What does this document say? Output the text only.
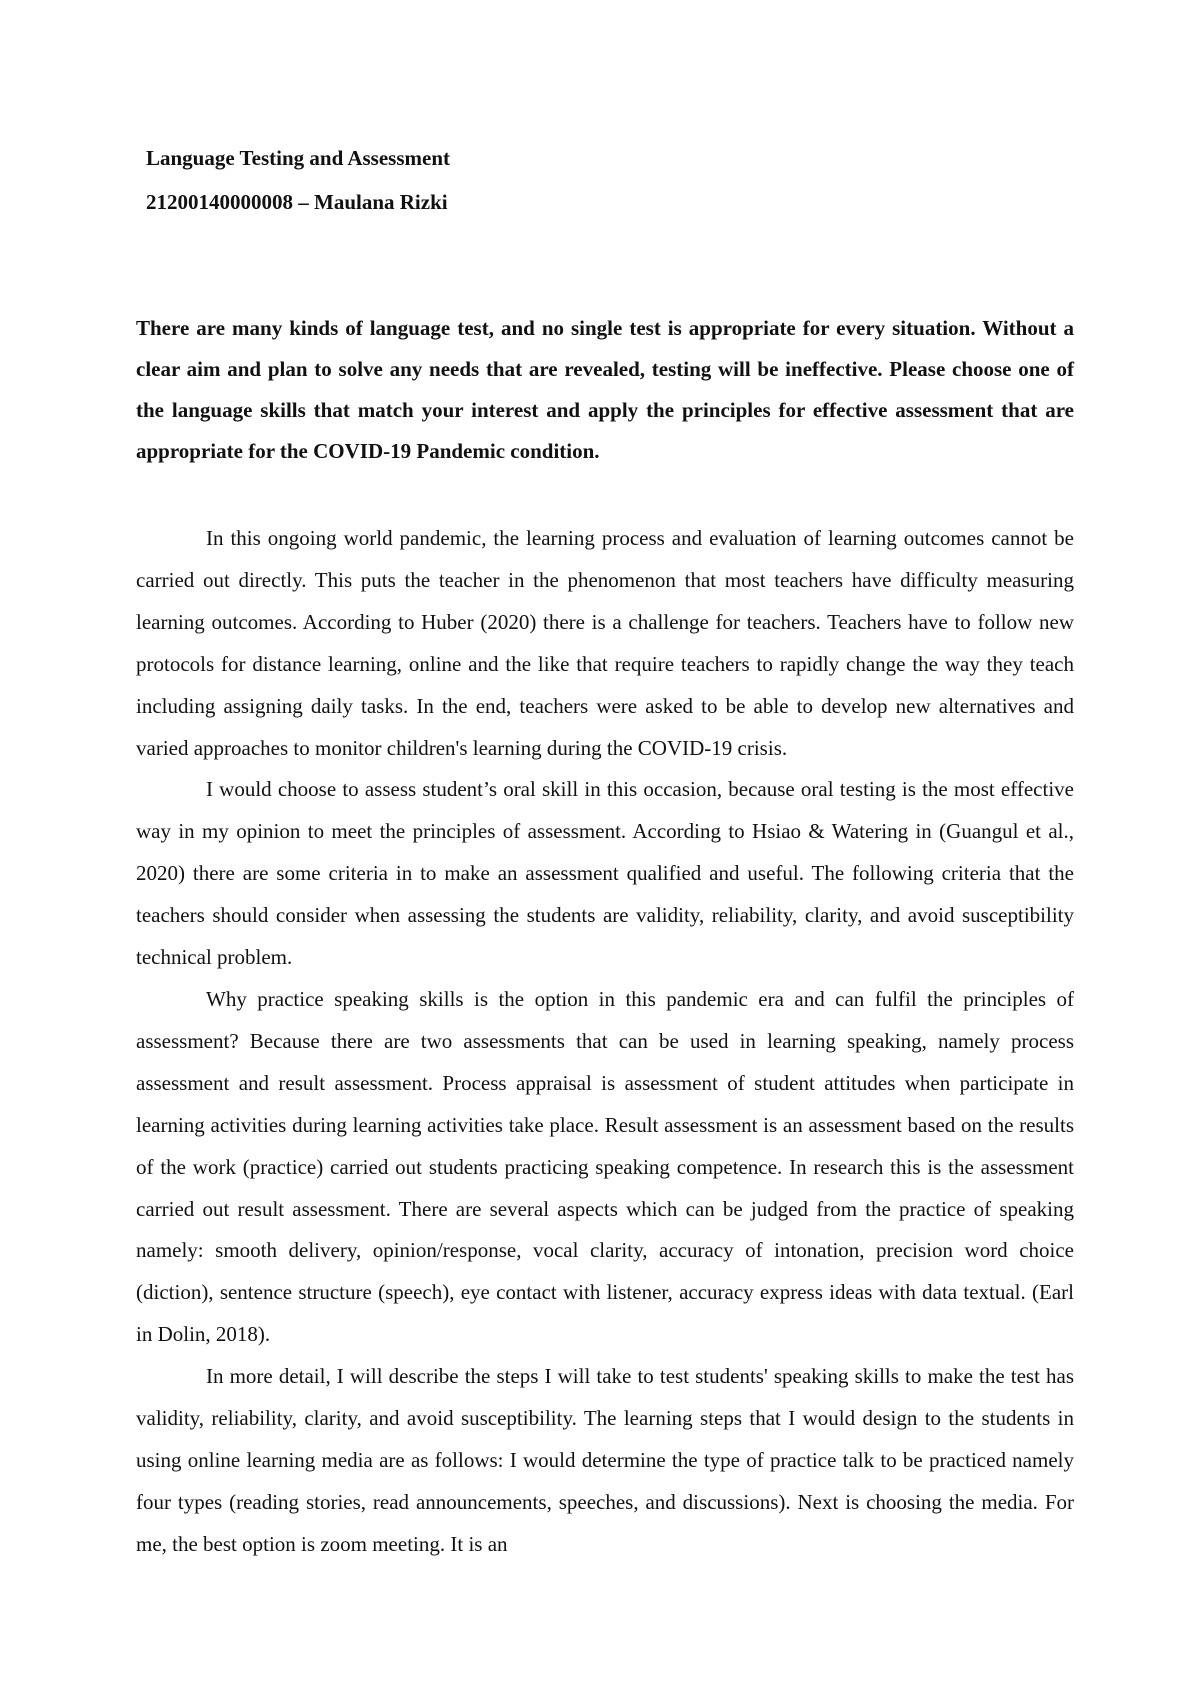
Language Testing and Assessment
21200140000008 – Maulana Rizki
There are many kinds of language test, and no single test is appropriate for every situation. Without a clear aim and plan to solve any needs that are revealed, testing will be ineffective. Please choose one of the language skills that match your interest and apply the principles for effective assessment that are appropriate for the COVID-19 Pandemic condition.

In this ongoing world pandemic, the learning process and evaluation of learning outcomes cannot be carried out directly. This puts the teacher in the phenomenon that most teachers have difficulty measuring learning outcomes. According to Huber (2020) there is a challenge for teachers. Teachers have to follow new protocols for distance learning, online and the like that require teachers to rapidly change the way they teach including assigning daily tasks. In the end, teachers were asked to be able to develop new alternatives and varied approaches to monitor children's learning during the COVID-19 crisis.

I would choose to assess student’s oral skill in this occasion, because oral testing is the most effective way in my opinion to meet the principles of assessment. According to Hsiao & Watering in (Guangul et al., 2020) there are some criteria in to make an assessment qualified and useful. The following criteria that the teachers should consider when assessing the students are validity, reliability, clarity, and avoid susceptibility technical problem.

Why practice speaking skills is the option in this pandemic era and can fulfil the principles of assessment? Because there are two assessments that can be used in learning speaking, namely process assessment and result assessment. Process appraisal is assessment of student attitudes when participate in learning activities during learning activities take place. Result assessment is an assessment based on the results of the work (practice) carried out students practicing speaking competence. In research this is the assessment carried out result assessment. There are several aspects which can be judged from the practice of speaking namely: smooth delivery, opinion/response, vocal clarity, accuracy of intonation, precision word choice (diction), sentence structure (speech), eye contact with listener, accuracy express ideas with data textual. (Earl in Dolin, 2018).

In more detail, I will describe the steps I will take to test students' speaking skills to make the test has validity, reliability, clarity, and avoid susceptibility. The learning steps that I would design to the students in using online learning media are as follows: I would determine the type of practice talk to be practiced namely four types (reading stories, read announcements, speeches, and discussions). Next is choosing the media. For me, the best option is zoom meeting. It is an
